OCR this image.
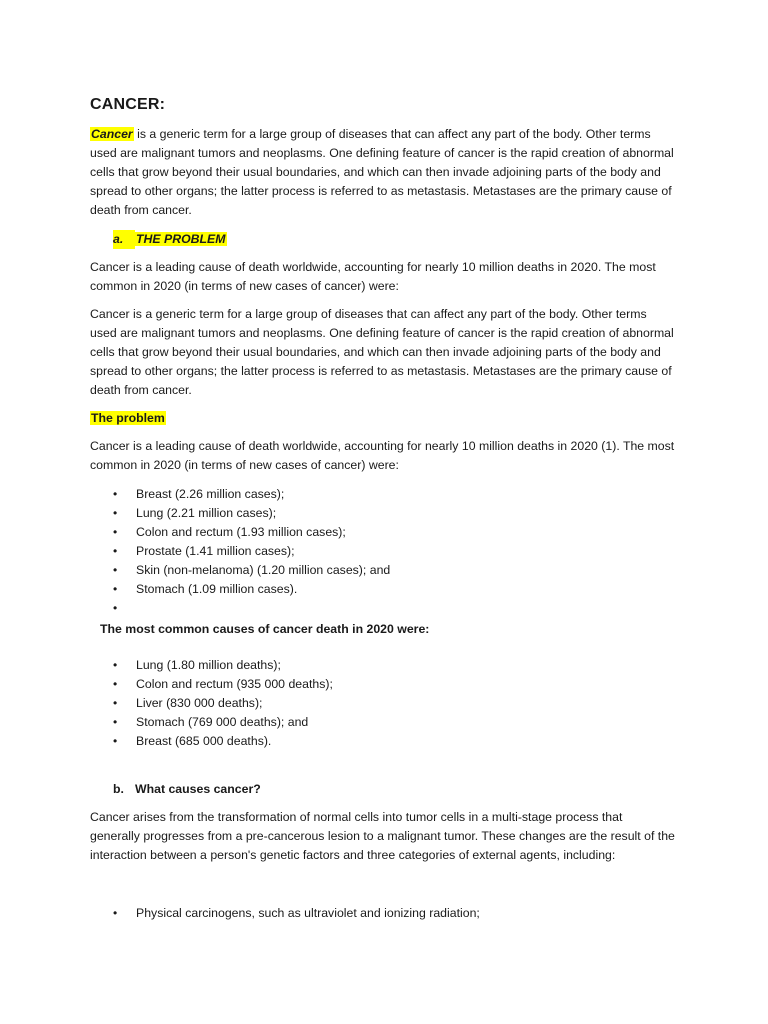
CANCER:

Cancer is a generic term for a large group of diseases that can affect any part of the body. Other terms used are malignant tumors and neoplasms. One defining feature of cancer is the rapid creation of abnormal cells that grow beyond their usual boundaries, and which can then invade adjoining parts of the body and spread to other organs; the latter process is referred to as metastasis. Metastases are the primary cause of death from cancer.

a. THE PROBLEM

Cancer is a leading cause of death worldwide, accounting for nearly 10 million deaths in 2020. The most common in 2020 (in terms of new cases of cancer) were:

Cancer is a generic term for a large group of diseases that can affect any part of the body. Other terms used are malignant tumors and neoplasms. One defining feature of cancer is the rapid creation of abnormal cells that grow beyond their usual boundaries, and which can then invade adjoining parts of the body and spread to other organs; the latter process is referred to as metastasis. Metastases are the primary cause of death from cancer.

The problem

Cancer is a leading cause of death worldwide, accounting for nearly 10 million deaths in 2020 (1). The most common in 2020 (in terms of new cases of cancer) were:

• Breast (2.26 million cases);
• Lung (2.21 million cases);
• Colon and rectum (1.93 million cases);
• Prostate (1.41 million cases);
• Skin (non-melanoma) (1.20 million cases); and
• Stomach (1.09 million cases).
•

The most common causes of cancer death in 2020 were:

• Lung (1.80 million deaths);
• Colon and rectum (935 000 deaths);
• Liver (830 000 deaths);
• Stomach (769 000 deaths); and
• Breast (685 000 deaths).
b. What causes cancer?

Cancer arises from the transformation of normal cells into tumor cells in a multi-stage process that generally progresses from a pre-cancerous lesion to a malignant tumor. These changes are the result of the interaction between a person's genetic factors and three categories of external agents, including:

• Physical carcinogens, such as ultraviolet and ionizing radiation;
